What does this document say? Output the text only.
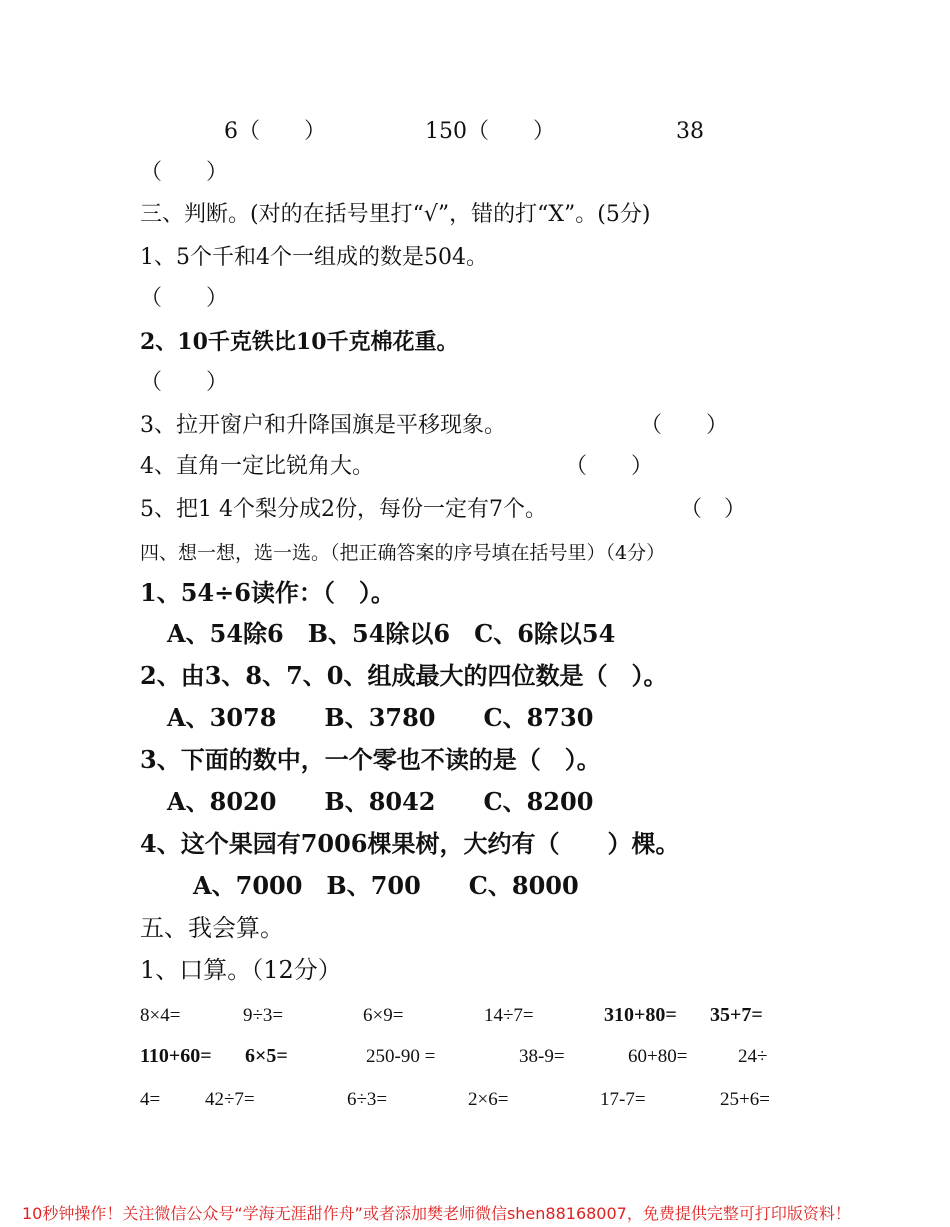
6（　　）	150（　　）	38
（　　）
三、判断。(对的在括号里打“√”，错的打“X”。(5分)
1、5个千和4个一组成的数是504。
（　　）
2、10千克铁比10千克棉花重。
（　　）
3、拉开窗户和升降国旗是平移现象。	（　　）
4、直角一定比锐角大。	（　　）
5、把1 4个梨分成2份，每份一定有7个。	（　）
四、想一想，选一选。（把正确答案的序号填在括号里）（4分）
1、54÷6读作：（　）。
A、54除6　B、54除以6　C、6除以54
2、由3、8、7、0、组成最大的四位数是（　）。
A、3078　　B、3780　　C、8730
3、下面的数中，一个零也不读的是（　）。
A、8020　　B、8042　　C、8200
4、这个果园有7006棵果树，大约有（　　）棵。
A、7000　B、700　　C、8000
五、我会算。
1、口算。（12分）
8×4=	9÷3=	6×9=	14÷7=	310+80= 35+7=
110+60= 6×5=	250-90 =	38-9=	60+80=	24÷
4= 42÷7=	6÷3=	2×6=	17-7=	25+6=
10秒钟操作！关注微信公众号“学海无涯甜作舟”或者添加樊老师微信shen88168007，免费提供完整可打印版资料！
